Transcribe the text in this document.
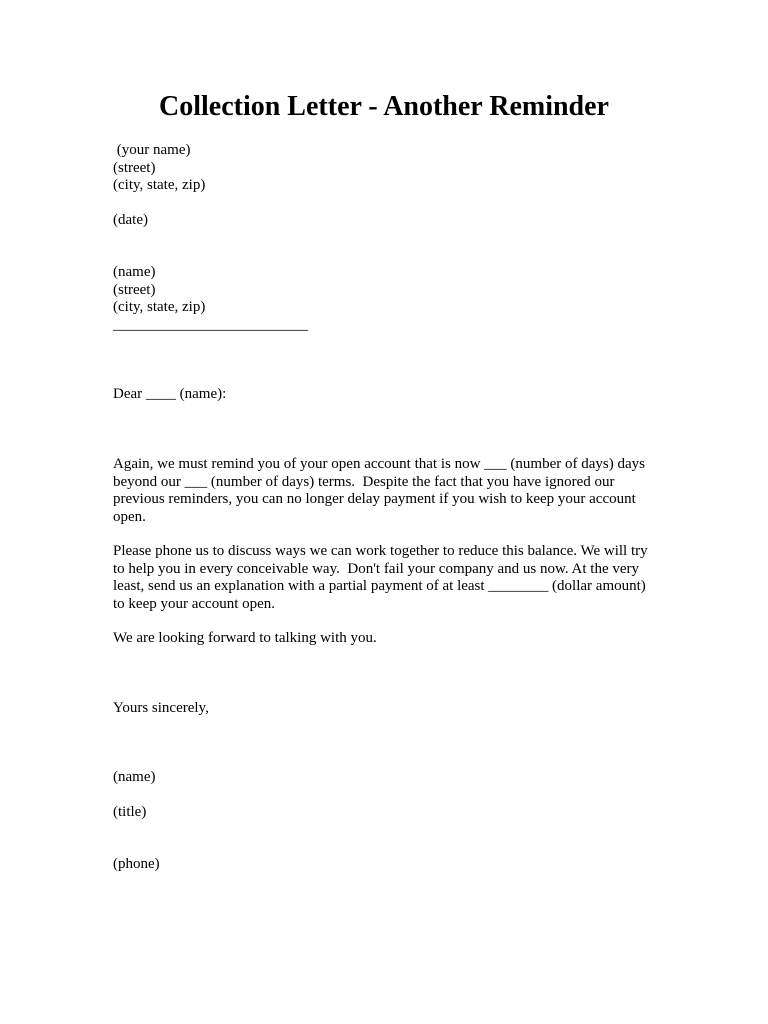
Collection Letter - Another Reminder
(your name)
(street)
(city, state, zip)
(date)
(name)
(street)
(city, state, zip)
__________________________
Dear ____ (name):
Again, we must remind you of your open account that is now ___ (number of days) days
beyond our ___ (number of days) terms.  Despite the fact that you have ignored our
previous reminders, you can no longer delay payment if you wish to keep your account
open.
Please phone us to discuss ways we can work together to reduce this balance. We will try
to help you in every conceivable way.  Don't fail your company and us now. At the very
least, send us an explanation with a partial payment of at least ________ (dollar amount)
to keep your account open.
We are looking forward to talking with you.
Yours sincerely,
(name)
(title)
(phone)
